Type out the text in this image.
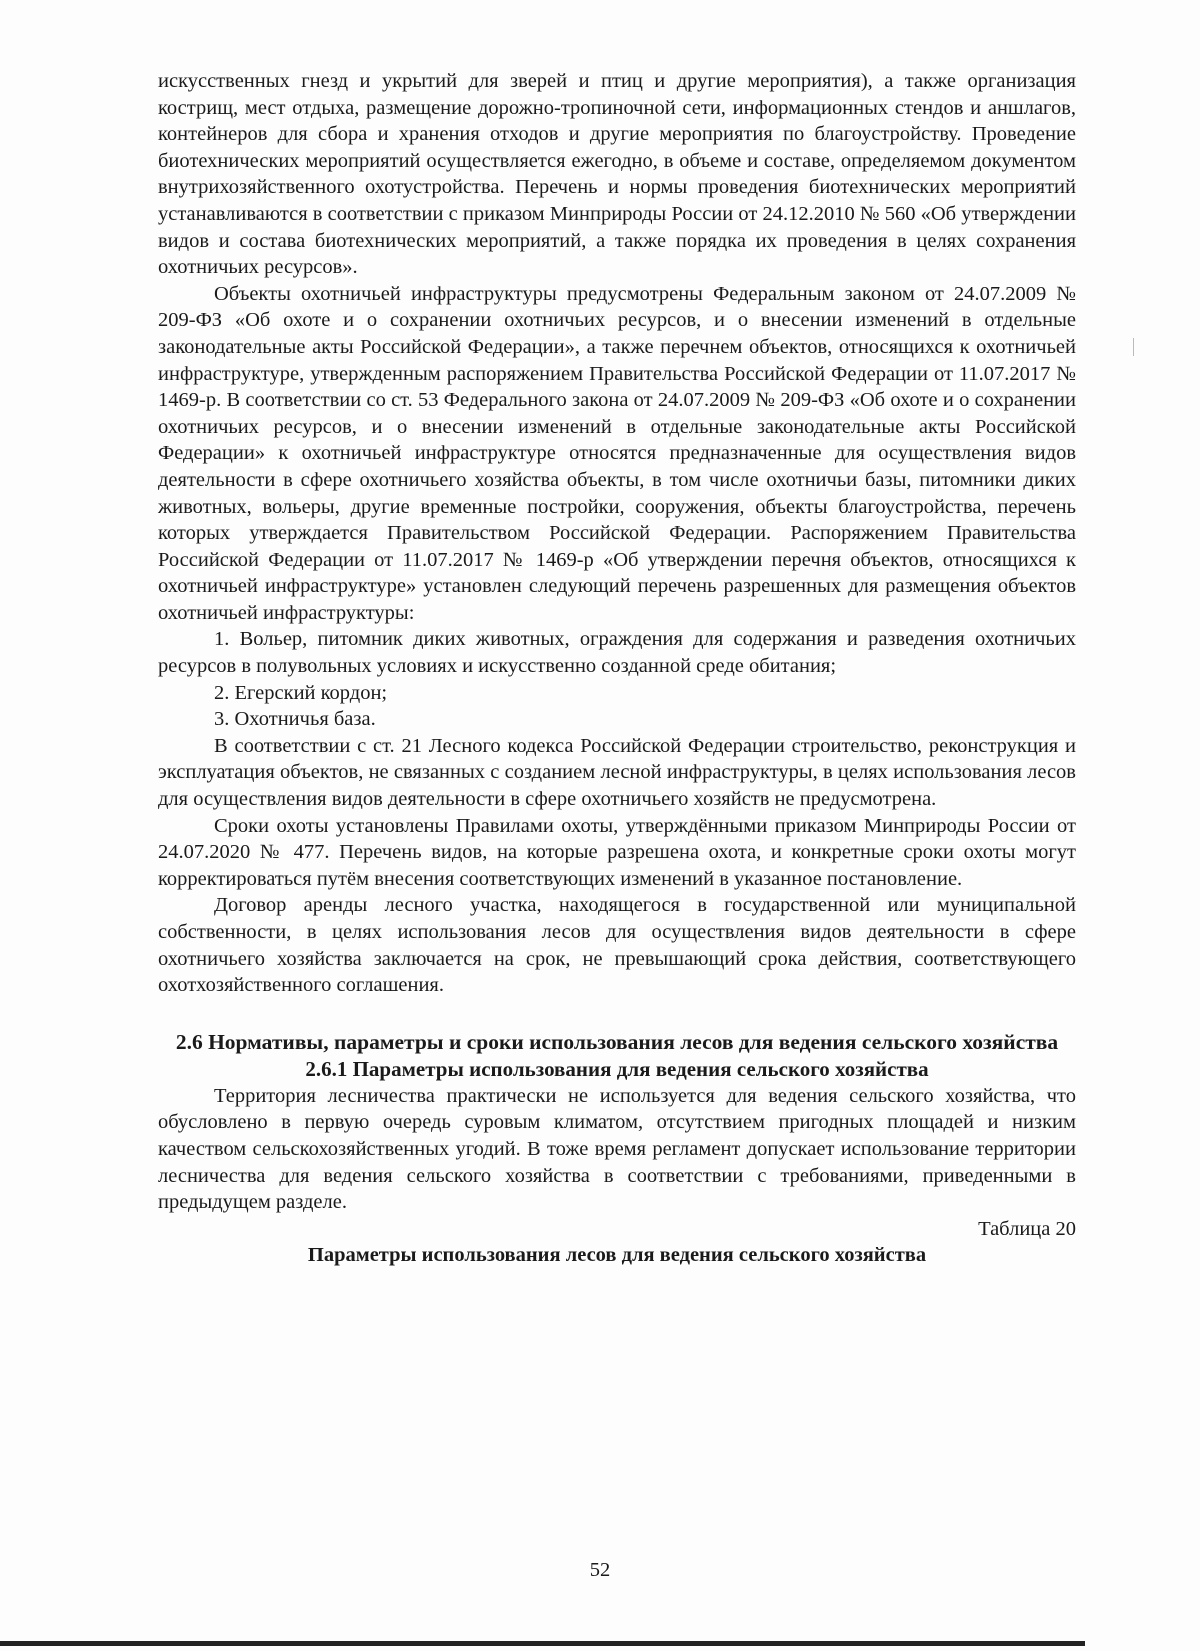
искусственных гнезд и укрытий для зверей и птиц и другие мероприятия), а также организация кострищ, мест отдыха, размещение дорожно-тропиночной сети, информационных стендов и аншлагов, контейнеров для сбора и хранения отходов и другие мероприятия по благоустройству. Проведение биотехнических мероприятий осуществляется ежегодно, в объеме и составе, определяемом документом внутрихозяйственного охотустройства. Перечень и нормы проведения биотехнических мероприятий устанавливаются в соответствии с приказом Минприроды России от 24.12.2010 № 560 «Об утверждении видов и состава биотехнических мероприятий, а также порядка их проведения в целях сохранения охотничьих ресурсов».

Объекты охотничьей инфраструктуры предусмотрены Федеральным законом от 24.07.2009 № 209-ФЗ «Об охоте и о сохранении охотничьих ресурсов, и о внесении изменений в отдельные законодательные акты Российской Федерации», а также перечнем объектов, относящихся к охотничьей инфраструктуре, утвержденным распоряжением Правительства Российской Федерации от 11.07.2017 № 1469-р. В соответствии со ст. 53 Федерального закона от 24.07.2009 № 209-ФЗ «Об охоте и о сохранении охотничьих ресурсов, и о внесении изменений в отдельные законодательные акты Российской Федерации» к охотничьей инфраструктуре относятся предназначенные для осуществления видов деятельности в сфере охотничьего хозяйства объекты, в том числе охотничьи базы, питомники диких животных, вольеры, другие временные постройки, сооружения, объекты благоустройства, перечень которых утверждается Правительством Российской Федерации. Распоряжением Правительства Российской Федерации от 11.07.2017 № 1469-р «Об утверждении перечня объектов, относящихся к охотничьей инфраструктуре» установлен следующий перечень разрешенных для размещения объектов охотничьей инфраструктуры:

1. Вольер, питомник диких животных, ограждения для содержания и разведения охотничьих ресурсов в полувольных условиях и искусственно созданной среде обитания;

2. Егерский кордон;

3. Охотничья база.

В соответствии с ст. 21 Лесного кодекса Российской Федерации строительство, реконструкция и эксплуатация объектов, не связанных с созданием лесной инфраструктуры, в целях использования лесов для осуществления видов деятельности в сфере охотничьего хозяйств не предусмотрена.

Сроки охоты установлены Правилами охоты, утверждёнными приказом Минприроды России от 24.07.2020 № 477. Перечень видов, на которые разрешена охота, и конкретные сроки охоты могут корректироваться путём внесения соответствующих изменений в указанное постановление.

Договор аренды лесного участка, находящегося в государственной или муниципальной собственности, в целях использования лесов для осуществления видов деятельности в сфере охотничьего хозяйства заключается на срок, не превышающий срока действия, соответствующего охотхозяйственного соглашения.

2.6 Нормативы, параметры и сроки использования лесов для ведения сельского хозяйства

2.6.1 Параметры использования для ведения сельского хозяйства

Территория лесничества практически не используется для ведения сельского хозяйства, что обусловлено в первую очередь суровым климатом, отсутствием пригодных площадей и низким качеством сельскохозяйственных угодий. В тоже время регламент допускает использование территории лесничества для ведения сельского хозяйства в соответствии с требованиями, приведенными в предыдущем разделе.

Таблица 20

Параметры использования лесов для ведения сельского хозяйства

52
